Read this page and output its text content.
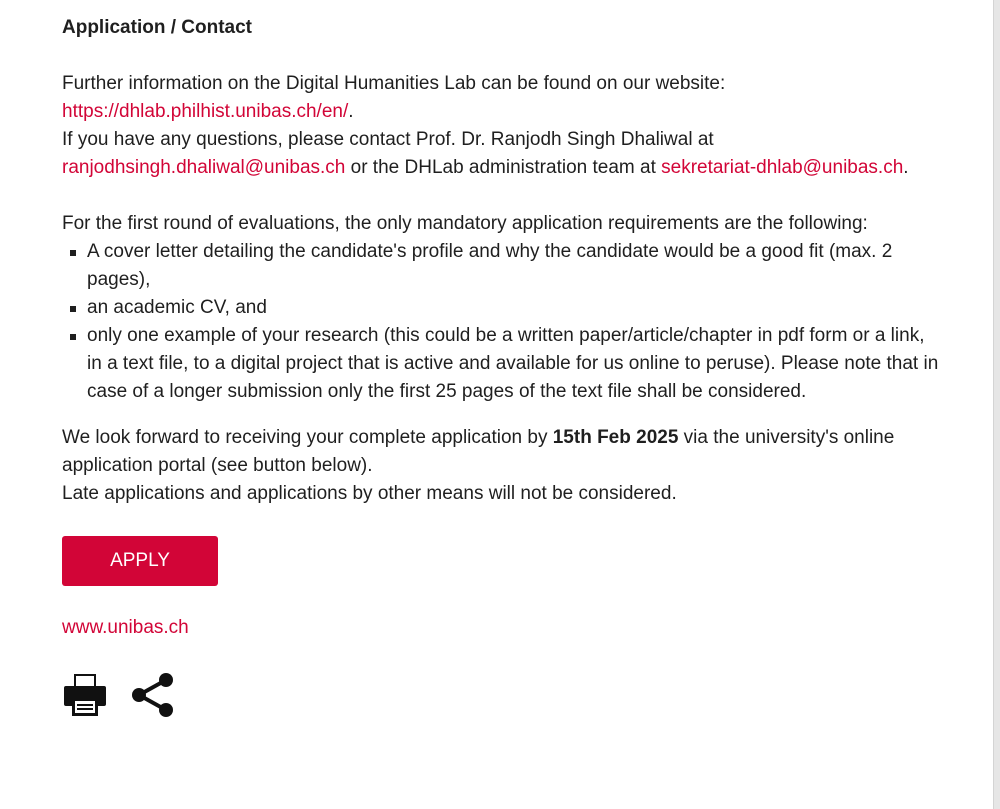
Application / Contact

Further information on the Digital Humanities Lab can be found on our website: https://dhlab.philhist.unibas.ch/en/.
If you have any questions, please contact Prof. Dr. Ranjodh Singh Dhaliwal at ranjodhsingh.dhaliwal@unibas.ch or the DHLab administration team at sekretariat-dhlab@unibas.ch.

For the first round of evaluations, the only mandatory application requirements are the following:

A cover letter detailing the candidate's profile and why the candidate would be a good fit (max. 2 pages),
an academic CV, and
only one example of your research (this could be a written paper/article/chapter in pdf form or a link, in a text file, to a digital project that is active and available for us online to peruse). Please note that in case of a longer submission only the first 25 pages of the text file shall be considered.

We look forward to receiving your complete application by 15th Feb 2025 via the university's online application portal (see button below).
Late applications and applications by other means will not be considered.

APPLY
www.unibas.ch
